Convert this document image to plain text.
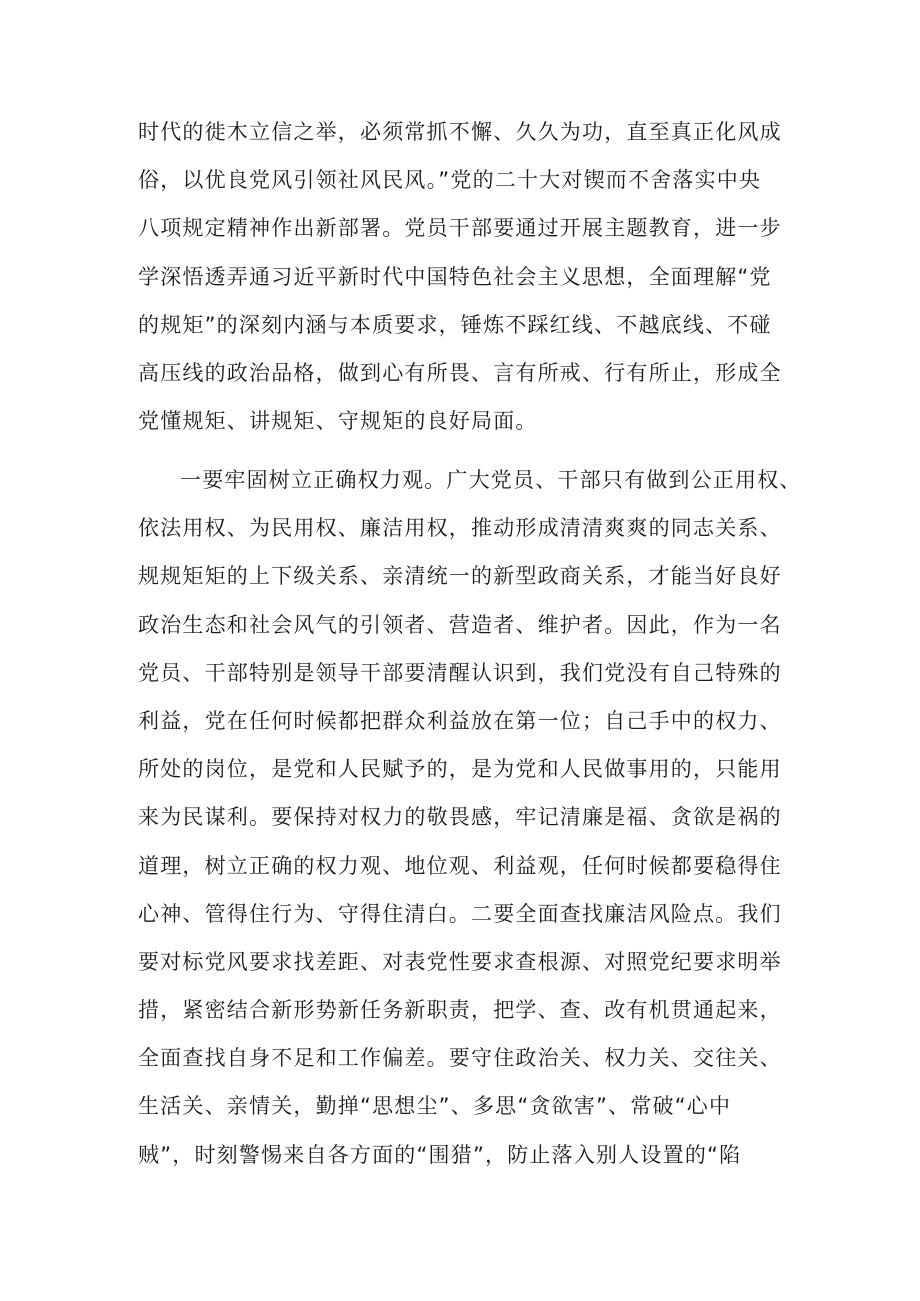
时代的徙木立信之举，必须常抓不懈、久久为功，直至真正化风成
俗，以优良党风引领社风民风。”党的二十大对锲而不舍落实中央
八项规定精神作出新部署。党员干部要通过开展主题教育，进一步
学深悟透弄通习近平新时代中国特色社会主义思想，全面理解“党
的规矩”的深刻内涵与本质要求，锤炼不踩红线、不越底线、不碰
高压线的政治品格，做到心有所畏、言有所戒、行有所止，形成全
党懂规矩、讲规矩、守规矩的良好局面。
一要牢固树立正确权力观。广大党员、干部只有做到公正用权、
依法用权、为民用权、廉洁用权，推动形成清清爽爽的同志关系、
规规矩矩的上下级关系、亲清统一的新型政商关系，才能当好良好
政治生态和社会风气的引领者、营造者、维护者。因此，作为一名
党员、干部特别是领导干部要清醒认识到，我们党没有自己特殊的
利益，党在任何时候都把群众利益放在第一位；自己手中的权力、
所处的岗位，是党和人民赋予的，是为党和人民做事用的，只能用
来为民谋利。要保持对权力的敬畏感，牢记清廉是福、贪欲是祸的
道理，树立正确的权力观、地位观、利益观，任何时候都要稳得住
心神、管得住行为、守得住清白。二要全面查找廉洁风险点。我们
要对标党风要求找差距、对表党性要求查根源、对照党纪要求明举
措，紧密结合新形势新任务新职责，把学、查、改有机贯通起来，
全面查找自身不足和工作偏差。要守住政治关、权力关、交往关、
生活关、亲情关，勤掸“思想尘”、多思“贪欲害”、常破“心中
贼”，时刻警惕来自各方面的“围猎”，防止落入别人设置的“陷
